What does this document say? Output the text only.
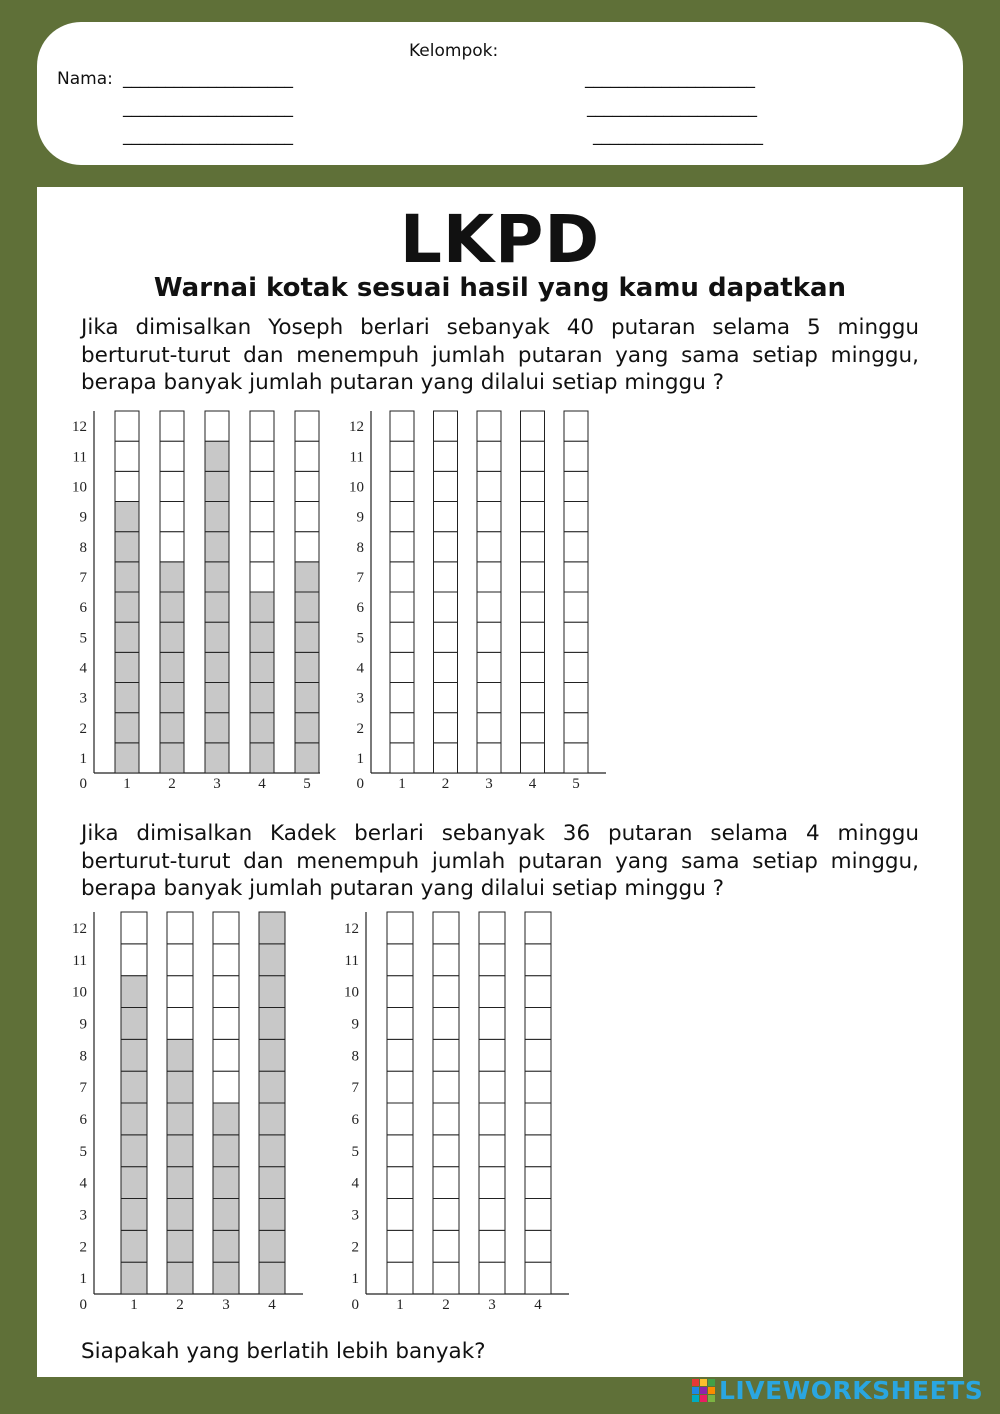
Kelompok:
Nama: ____________________
____________________
____________________
____________________
____________________
____________________
LKPD
Warnai kotak sesuai hasil yang kamu dapatkan
Jika dimisalkan Yoseph berlari sebanyak 40 putaran selama 5 minggu berturut-turut dan menempuh jumlah putaran yang sama setiap minggu, berapa banyak jumlah putaran yang dilalui setiap minggu ?
0
1
2
3
4
5
6
7
8
9
10
11
12
1	2	3	4	5	0
1
2
3
4
5
6
7
8
9
10
11
12
1 2 3 4 5
Jika dimisalkan Kadek berlari sebanyak 36 putaran selama 4 minggu berturut-turut dan menempuh jumlah putaran yang sama setiap minggu, berapa banyak jumlah putaran yang dilalui setiap minggu ?
0
1
2
3
4
5
6
7
8
9
10
11
12
1	2	3	4	0
1
2
3
4
5
6
7
8
9
10
11
12
1	2	3	4
Siapakah yang berlatih lebih banyak?
LIVEWORKSHEETS
